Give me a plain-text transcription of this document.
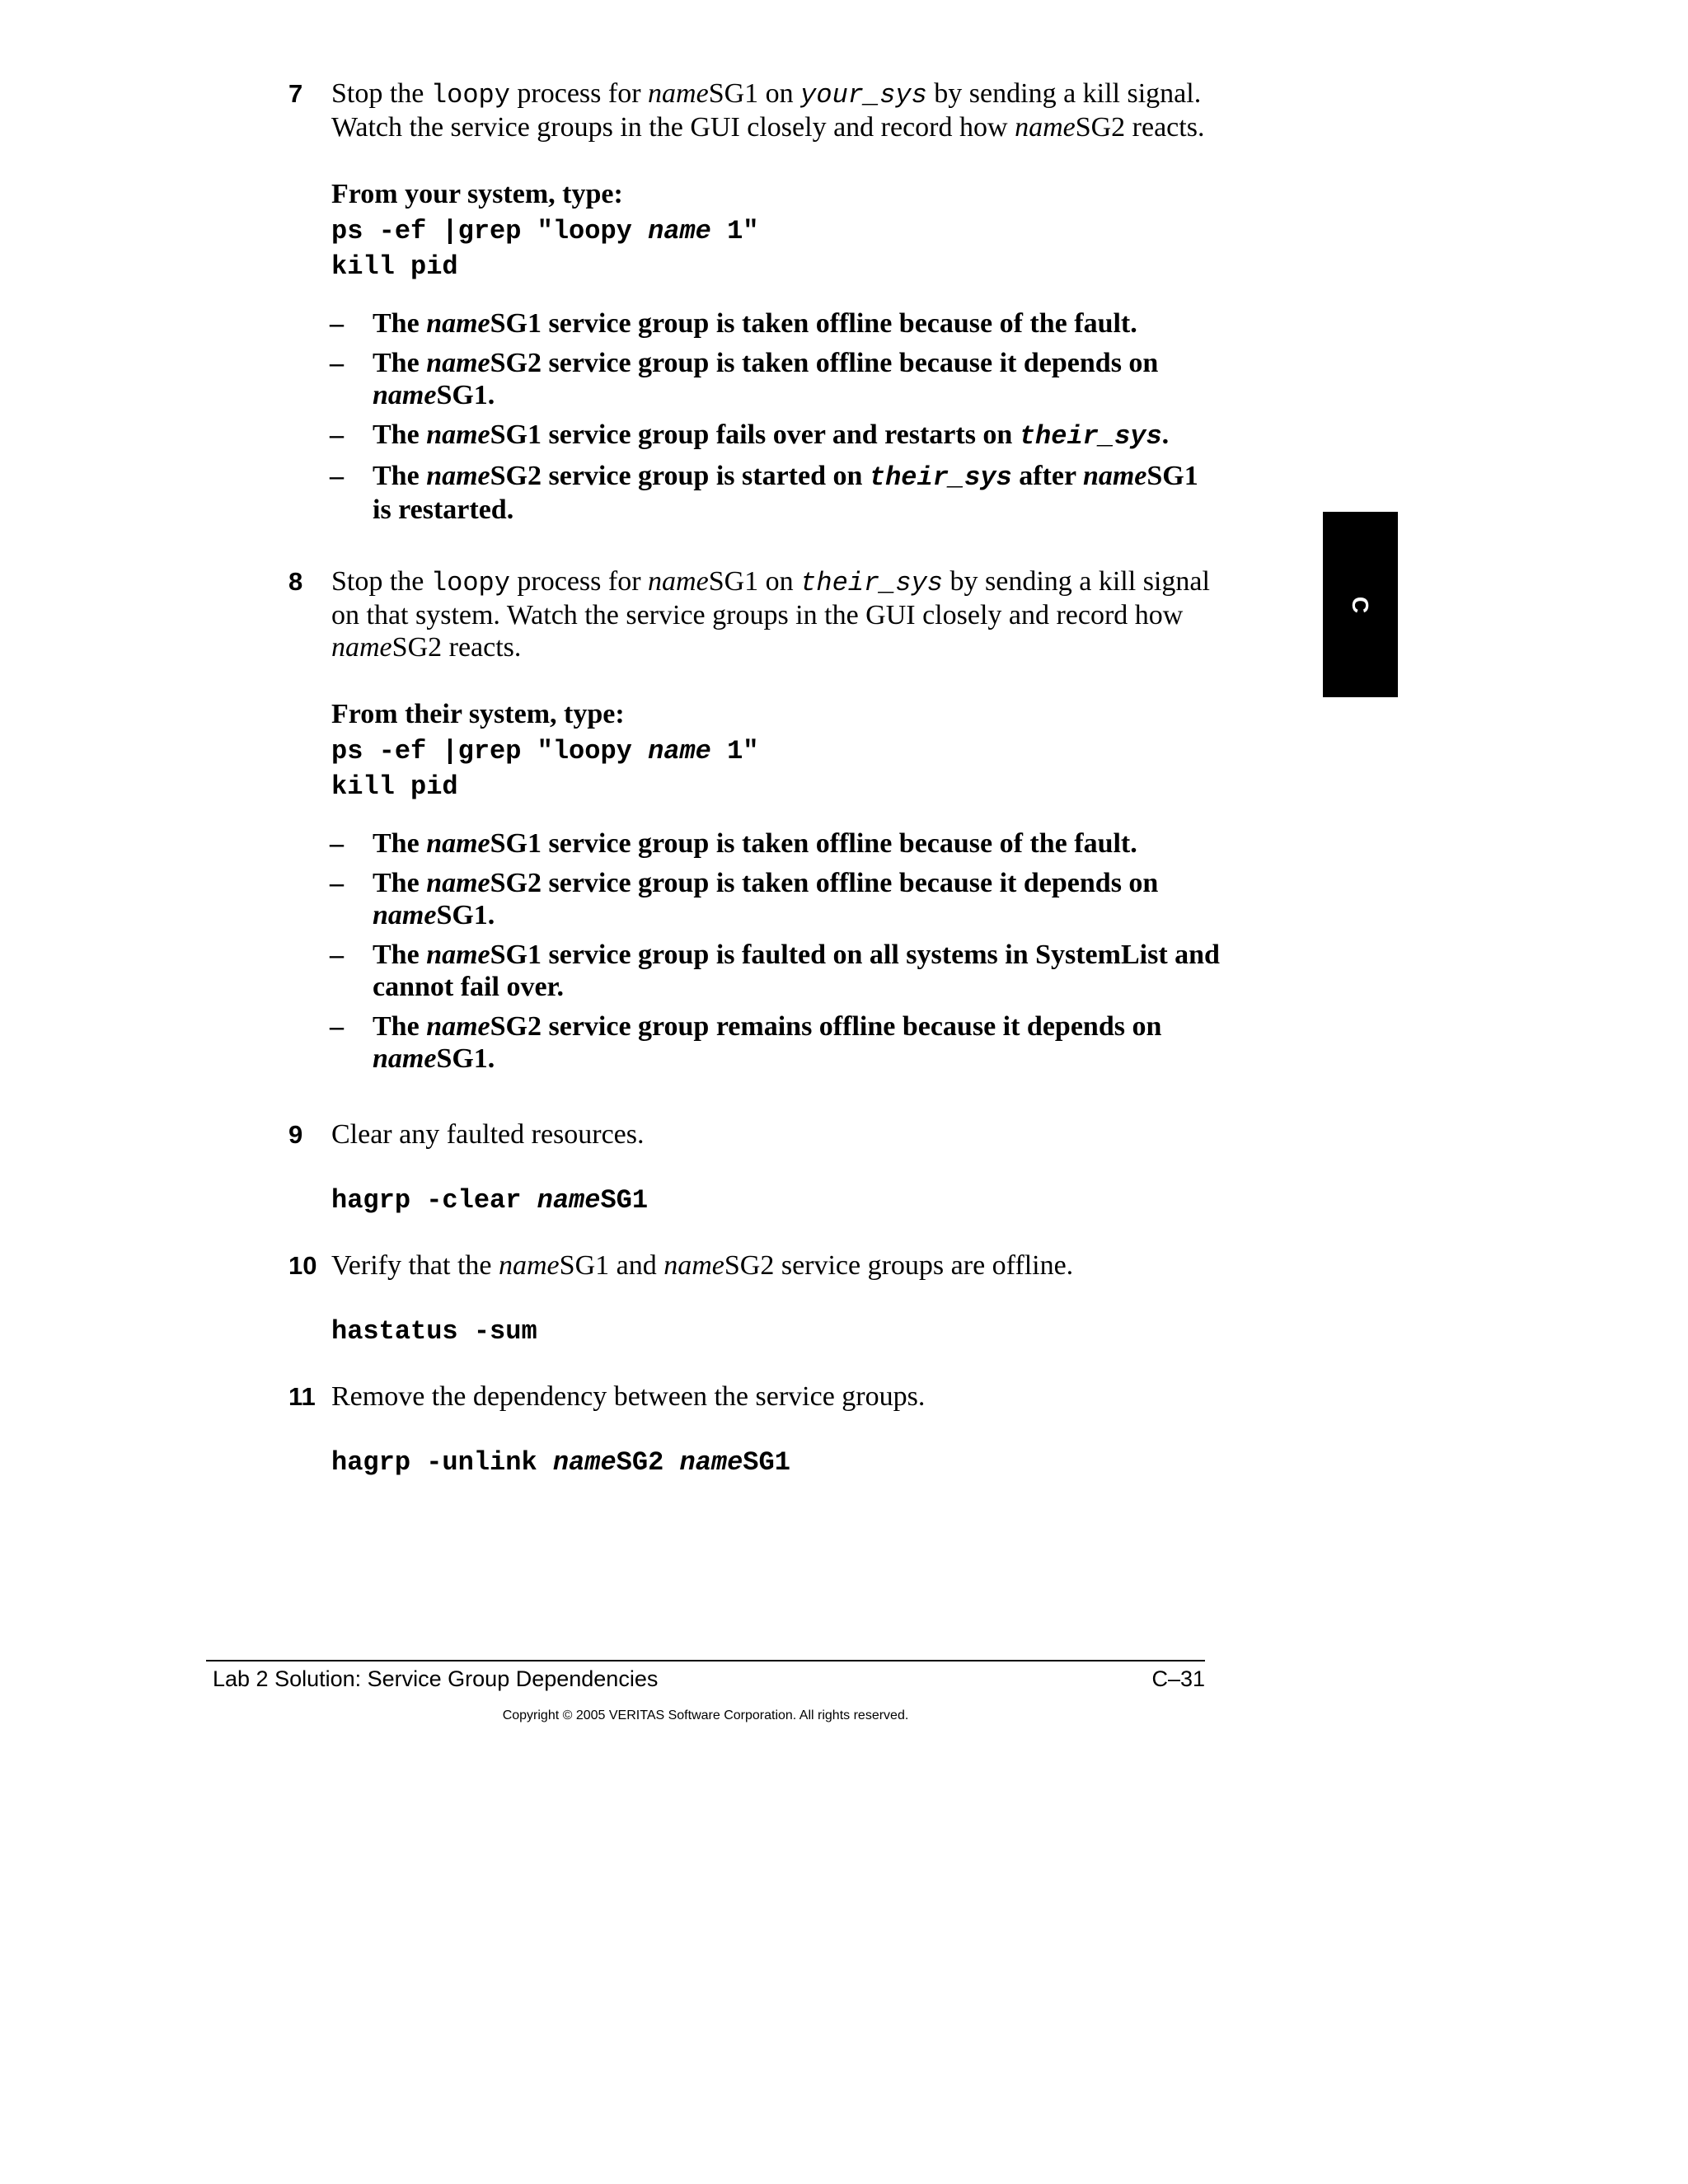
7	Stop the loopy process for nameSG1 on your_sys by sending a kill signal. Watch the service groups in the GUI closely and record how nameSG2 reacts.

From your system, type:

ps -ef |grep "loopy name 1"

kill pid

– The nameSG1 service group is taken offline because of the fault.
– The nameSG2 service group is taken offline because it depends on nameSG1.
– The nameSG1 service group fails over and restarts on their_sys.
– The nameSG2 service group is started on their_sys after nameSG1 is restarted.
8	Stop the loopy process for nameSG1 on their_sys by sending a kill signal on that system. Watch the service groups in the GUI closely and record how nameSG2 reacts.

From their system, type:

ps -ef |grep "loopy name 1"

kill pid

– The nameSG1 service group is taken offline because of the fault.
– The nameSG2 service group is taken offline because it depends on nameSG1.
– The nameSG1 service group is faulted on all systems in SystemList and cannot fail over.
– The nameSG2 service group remains offline because it depends on nameSG1.
9	Clear any faulted resources.

hagrp -clear nameSG1

10 Verify that the nameSG1 and nameSG2 service groups are offline.

hastatus -sum

11 Remove the dependency between the service groups.

hagrp -unlink nameSG2 nameSG1

C
Lab 2 Solution: Service Group Dependencies	C–31
Copyright © 2005 VERITAS Software Corporation. All rights reserved.
